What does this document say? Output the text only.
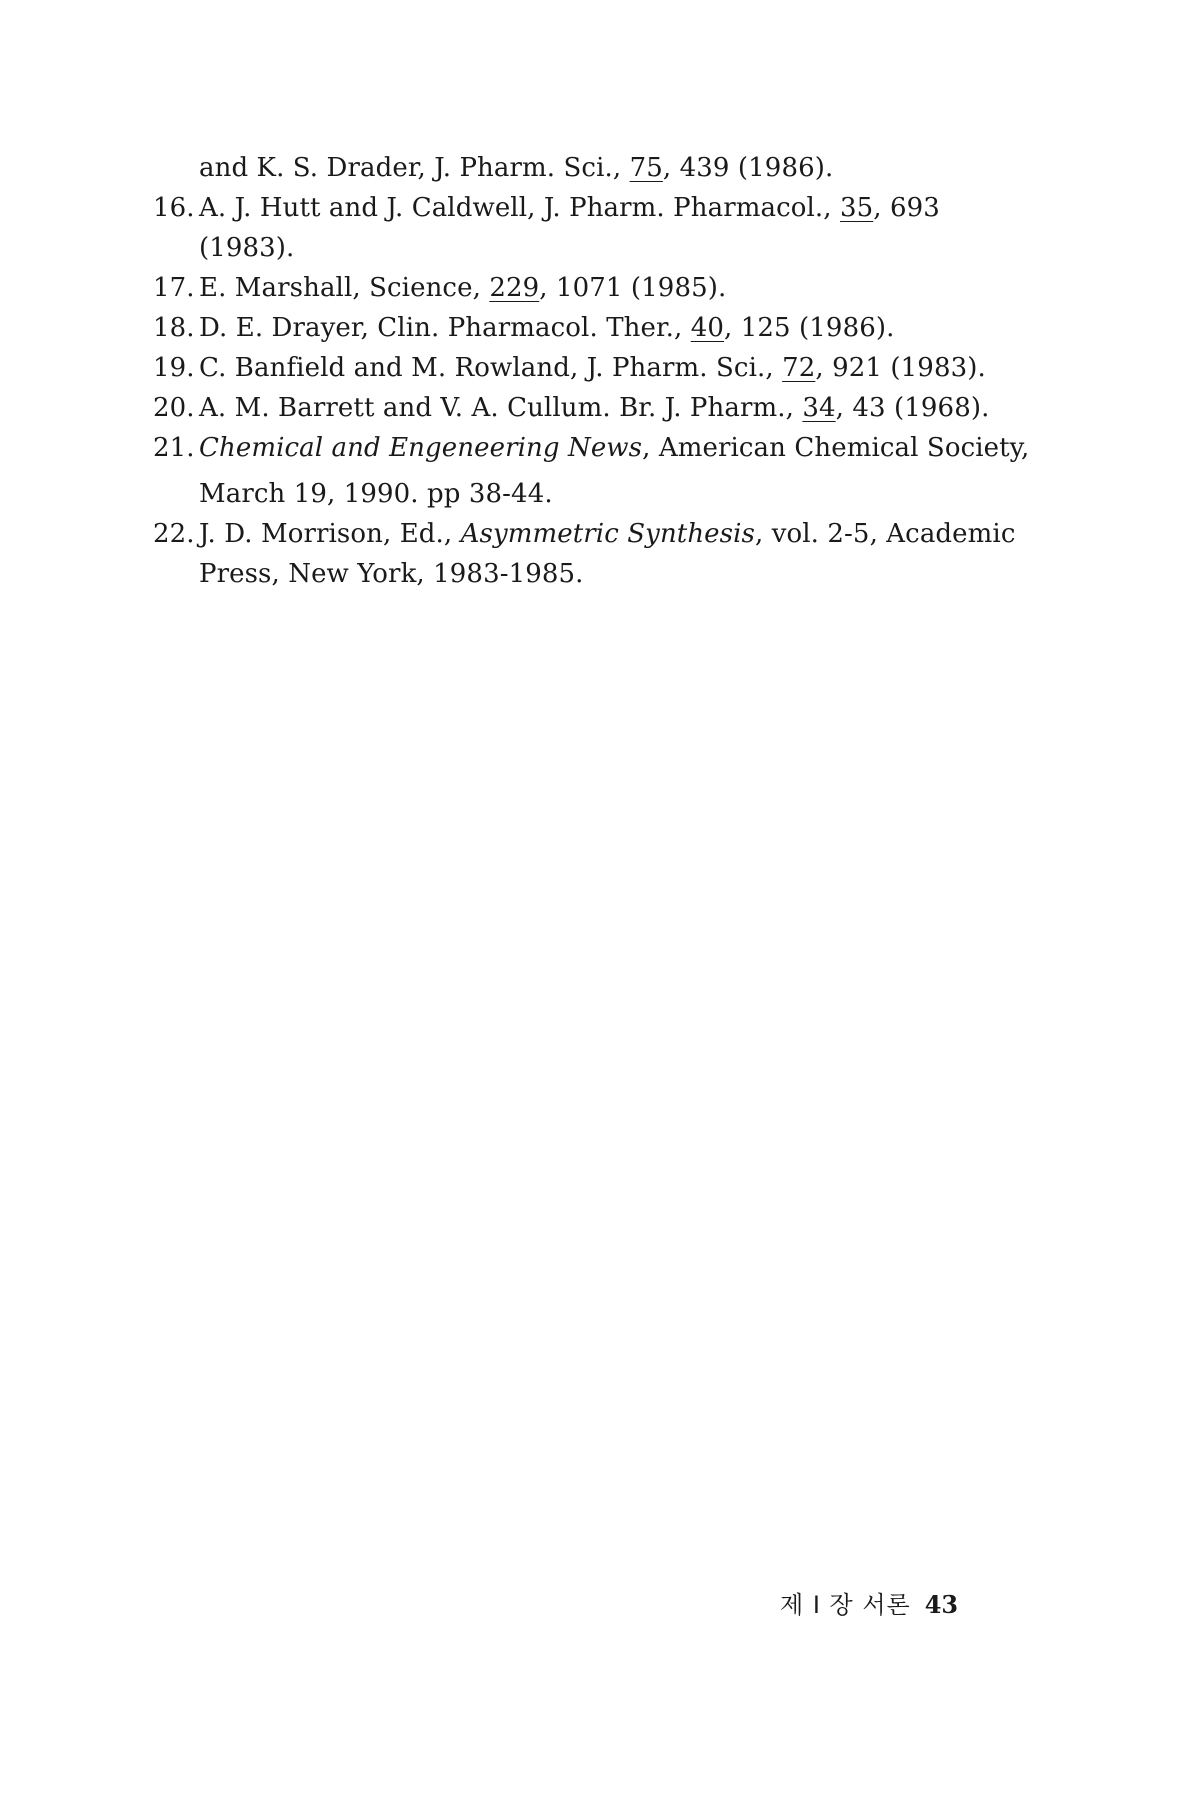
and K. S. Drader, J. Pharm. Sci., 75, 439 (1986).

16. A. J. Hutt and J. Caldwell, J. Pharm. Pharmacol., 35, 693 (1983).

17. E. Marshall, Science, 229, 1071 (1985).

18. D. E. Drayer, Clin. Pharmacol. Ther., 40, 125 (1986).

19. C. Banfield and M. Rowland, J. Pharm. Sci., 72, 921 (1983).

20. A. M. Barrett and V. A. Cullum. Br. J. Pharm., 34, 43 (1968).

21. Chemical and Engeneering News, American Chemical Society,
March 19, 1990. pp 38-44.

22. J. D. Morrison, Ed., Asymmetric Synthesis, vol. 2-5, Academic Press, New York, 1983-1985.

제 I 장 서론 43
